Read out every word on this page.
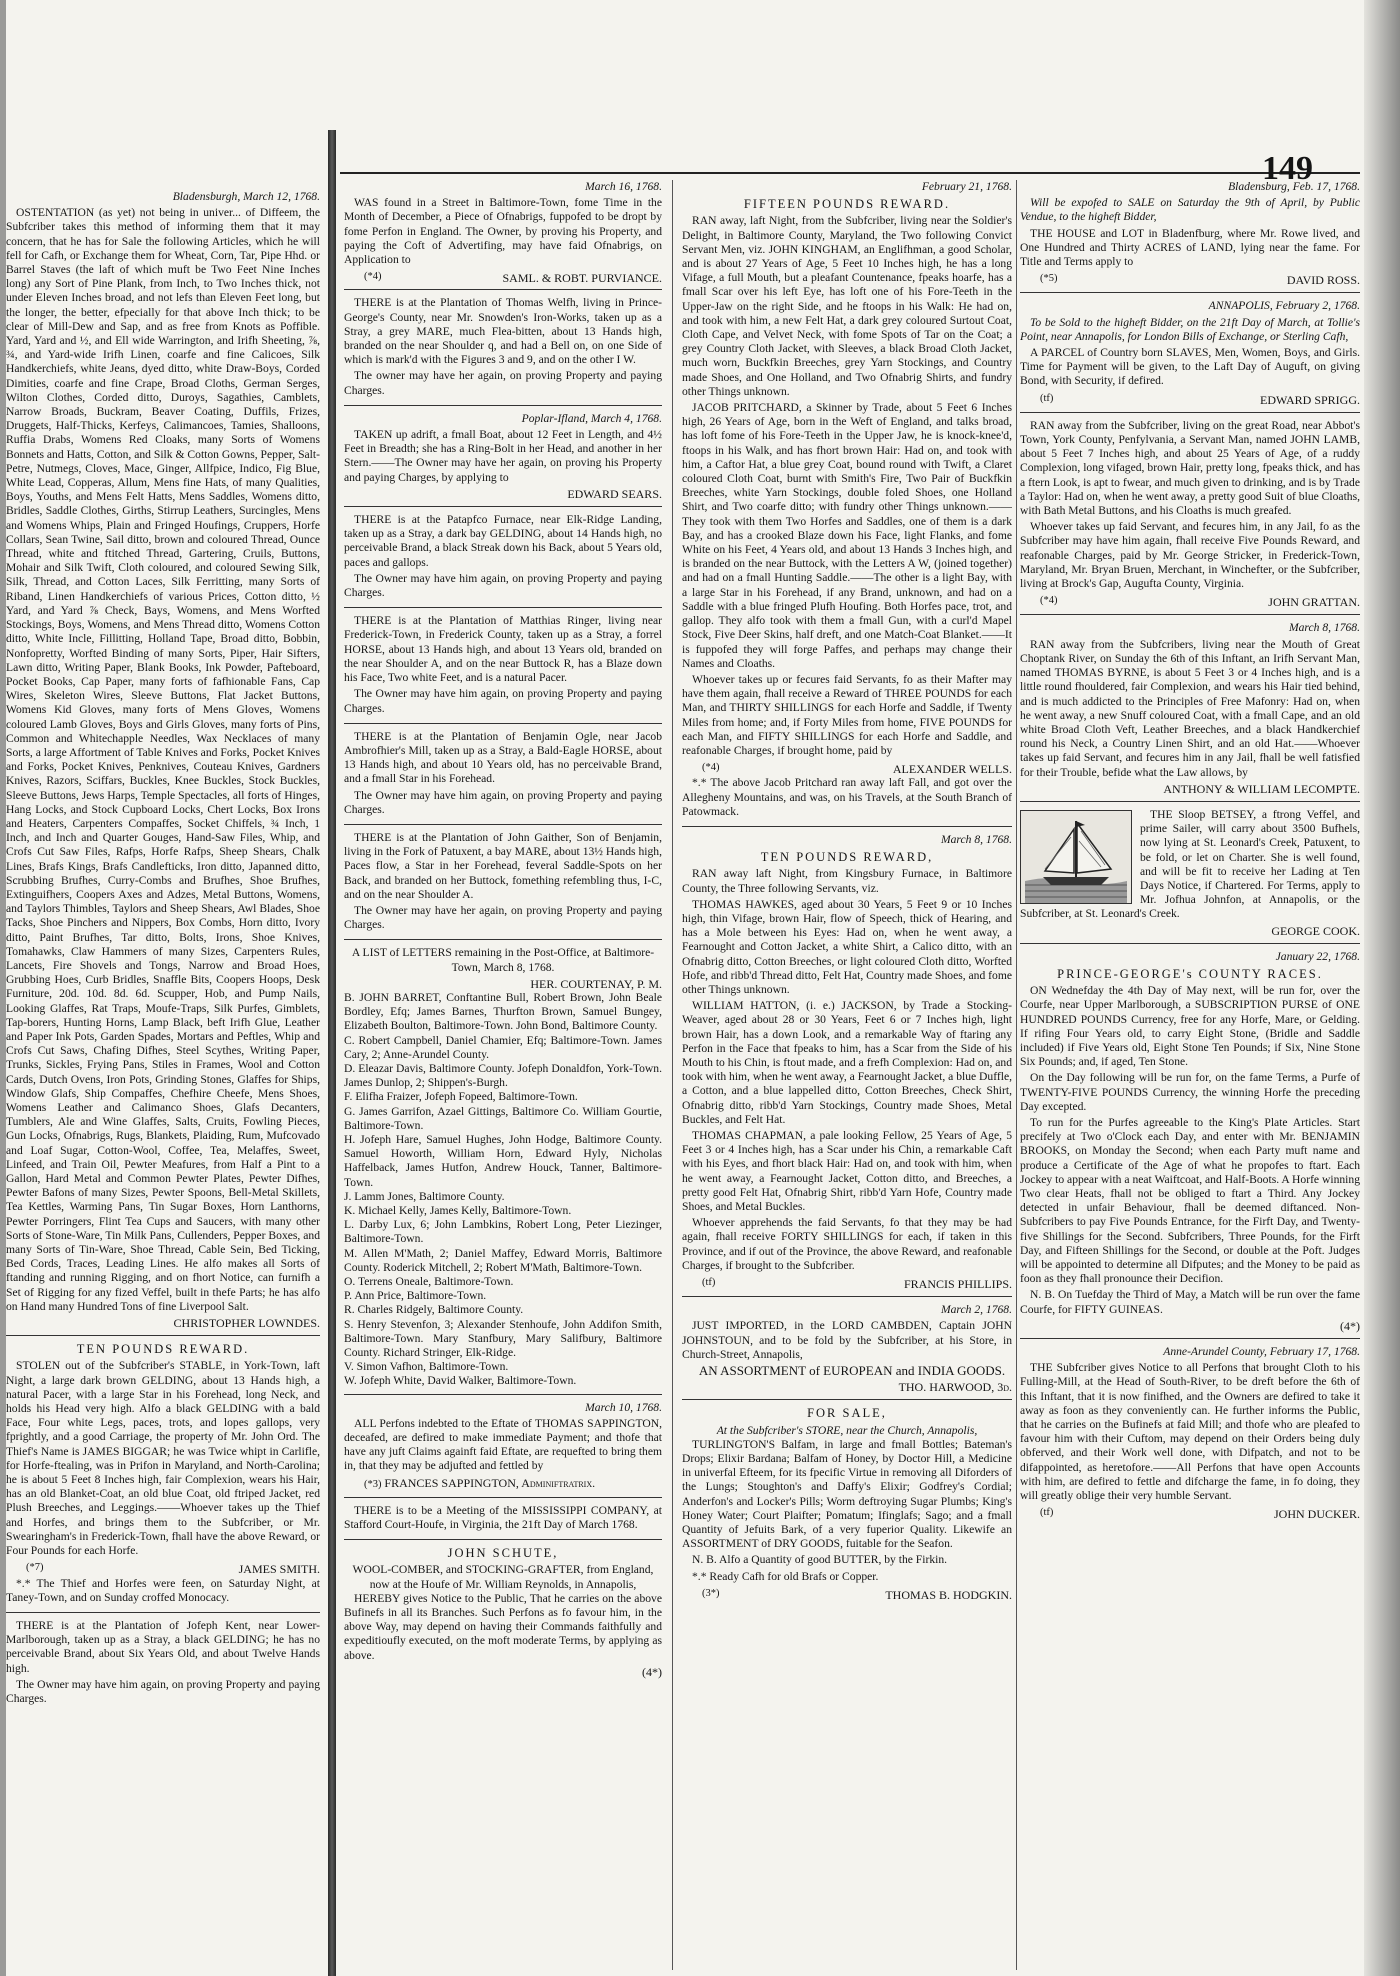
149
Bladensburgh, March 12, 1768.

OSTENTATION (as yet) not being in univer... of Diffeem, the Subfcriber takes this method of informing them that it may concern, that he has for Sale the following Articles, which he will fell for Cafh, or Exchange them for Wheat, Corn, Tar, Pipe Hhd. or Barrel Staves (the laft of which muft be Two Feet Nine Inches long) any Sort of Pine Plank, from Inch, to Two Inches thick, not under Eleven Inches broad, and not lefs than Eleven Feet long, but the longer, the better, efpecially for that above Inch thick; to be clear of Mill-Dew and Sap, and as free from Knots as Poffible. Yard, Yard and ½, and Ell wide Warrington, and Irifh Sheeting, ⅞, ¾, and Yard-wide Irifh Linen, coarfe and fine Calicoes, Silk Handkerchiefs, white Jeans, dyed ditto, white Draw-Boys, Corded Dimities, coarfe and fine Crape, Broad Cloths, German Serges, Wilton Clothes, Corded ditto, Duroys, Sagathies, Camblets, Narrow Broads, Buckram, Beaver Coating, Duffils, Frizes, Druggets, Half-Thicks, Kerfeys, Calimancoes, Tamies, Shalloons, Ruffia Drabs, Womens Red Cloaks, many Sorts of Womens Bonnets and Hatts, Cotton, and Silk & Cotton Gowns, Pepper, Salt-Petre, Nutmegs, Cloves, Mace, Ginger, Allfpice, Indico, Fig Blue, White Lead, Copperas, Allum, Mens fine Hats, of many Qualities, Boys, Youths, and Mens Felt Hatts, Mens Saddles, Womens ditto, Bridles, Saddle Clothes, Girths, Stirrup Leathers, Surcingles, Mens and Womens Whips, Plain and Fringed Houfings, Cruppers, Horfe Collars, Sean Twine, Sail ditto, brown and coloured Thread, Ounce Thread, white and ftitched Thread, Gartering, Cruils, Buttons, Mohair and Silk Twift, Cloth coloured, and coloured Sewing Silk, Silk, Thread, and Cotton Laces, Silk Ferritting, many Sorts of Riband, Linen Handkerchiefs of various Prices, Cotton ditto, ½ Yard, and Yard ⅞ Check, Bays, Womens, and Mens Worfted Stockings, Boys, Womens, and Mens Thread ditto, Womens Cotton ditto, White Incle, Fillitting, Holland Tape, Broad ditto, Bobbin, Nonfopretty, Worfted Binding of many Sorts, Piper, Hair Sifters, Lawn ditto, Writing Paper, Blank Books, Ink Powder, Pafteboard, Pocket Books, Cap Paper, many forts of fafhionable Fans, Cap Wires, Skeleton Wires, Sleeve Buttons, Flat Jacket Buttons, Womens Kid Gloves, many forts of Mens Gloves, Womens coloured Lamb Gloves, Boys and Girls Gloves, many forts of Pins, Common and Whitechapple Needles, Wax Necklaces of many Sorts, a large Affortment of Table Knives and Forks, Pocket Knives and Forks, Pocket Knives, Penknives, Couteau Knives, Gardners Knives, Razors, Sciffars, Buckles, Knee Buckles, Stock Buckles, Sleeve Buttons, Jews Harps, Temple Spectacles, all forts of Hinges, Hang Locks, and Stock Cupboard Locks, Chert Locks, Box Irons and Heaters, Carpenters Compaffes, Socket Chiffels, ¾ Inch, 1 Inch, and Inch and Quarter Gouges, Hand-Saw Files, Whip, and Crofs Cut Saw Files, Rafps, Horfe Rafps, Sheep Shears, Chalk Lines, Brafs Kings, Brafs Candlefticks, Iron ditto, Japanned ditto, Scrubbing Brufhes, Curry-Combs and Brufhes, Shoe Brufhes, Extinguifhers, Coopers Axes and Adzes, Metal Buttons, Womens, and Taylors Thimbles, Taylors and Sheep Shears, Awl Blades, Shoe Tacks, Shoe Pinchers and Nippers, Box Combs, Horn ditto, Ivory ditto, Paint Brufhes, Tar ditto, Bolts, Irons, Shoe Knives, Tomahawks, Claw Hammers of many Sizes, Carpenters Rules, Lancets, Fire Shovels and Tongs, Narrow and Broad Hoes, Grubbing Hoes, Curb Bridles, Snaffle Bits, Coopers Hoops, Desk Furniture, 20d. 10d. 8d. 6d. Scupper, Hob, and Pump Nails, Looking Glaffes, Rat Traps, Moufe-Traps, Silk Purfes, Gimblets, Tap-borers, Hunting Horns, Lamp Black, beft Irifh Glue, Leather and Paper Ink Pots, Garden Spades, Mortars and Peftles, Whip and Crofs Cut Saws, Chafing Difhes, Steel Scythes, Writing Paper, Trunks, Sickles, Frying Pans, Stiles in Frames, Wool and Cotton Cards, Dutch Ovens, Iron Pots, Grinding Stones, Glaffes for Ships, Window Glafs, Ship Compaffes, Chefhire Cheefe, Mens Shoes, Womens Leather and Calimanco Shoes, Glafs Decanters, Tumblers, Ale and Wine Glaffes, Salts, Cruits, Fowling Pieces, Gun Locks, Ofnabrigs, Rugs, Blankets, Plaiding, Rum, Mufcovado and Loaf Sugar, Cotton-Wool, Coffee, Tea, Melaffes, Sweet, Linfeed, and Train Oil, Pewter Meafures, from Half a Pint to a Gallon, Hard Metal and Common Pewter Plates, Pewter Difhes, Pewter Bafons of many Sizes, Pewter Spoons, Bell-Metal Skillets, Tea Kettles, Warming Pans, Tin Sugar Boxes, Horn Lanthorns, Pewter Porringers, Flint Tea Cups and Saucers, with many other Sorts of Stone-Ware, Tin Milk Pans, Cullenders, Pepper Boxes, and many Sorts of Tin-Ware, Shoe Thread, Cable Sein, Bed Ticking, Bed Cords, Traces, Leading Lines. He alfo makes all Sorts of ftanding and running Rigging, and on fhort Notice, can furnifh a Set of Rigging for any fized Veffel, built in thefe Parts; he has alfo on Hand many Hundred Tons of fine Liverpool Salt.

CHRISTOPHER LOWNDES.
TEN POUNDS REWARD.

STOLEN out of the Subfcriber's STABLE, in York-Town, laft Night, a large dark brown GELDING, about 13 Hands high, a natural Pacer, with a large Star in his Forehead, long Neck, and holds his Head very high. Alfo a black GELDING with a bald Face, Four white Legs, paces, trots, and lopes gallops, very fprightly, and a good Carriage, the property of Mr. John Ord. The Thief's Name is JAMES BIGGAR; he was Twice whipt in Carlifle, for Horfe-ftealing, was in Prifon in Maryland, and North-Carolina; he is about 5 Feet 8 Inches high, fair Complexion, wears his Hair, has an old Blanket-Coat, an old blue Coat, old ftriped Jacket, red Plush Breeches, and Leggings.——Whoever takes up the Thief and Horfes, and brings them to the Subfcriber, or Mr. Swearingham's in Frederick-Town, fhall have the above Reward, or Four Pounds for each Horfe.

(*7)	JAMES SMITH.

*.* The Thief and Horfes were feen, on Saturday Night, at Taney-Town, and on Sunday croffed Monocacy.

THERE is at the Plantation of Jofeph Kent, near Lower-Marlborough, taken up as a Stray, a black GELDING; he has no perceivable Brand, about Six Years Old, and about Twelve Hands high.

The Owner may have him again, on proving Property and paying Charges.

March 16, 1768.

WAS found in a Street in Baltimore-Town, fome Time in the Month of December, a Piece of Ofnabrigs, fuppofed to be dropt by fome Perfon in England. The Owner, by proving his Property, and paying the Coft of Advertifing, may have faid Ofnabrigs, on Application to

(*4)	SAML. & ROBT. PURVIANCE.

THERE is at the Plantation of Thomas Welfh, living in Prince-George's County, near Mr. Snowden's Iron-Works, taken up as a Stray, a grey MARE, much Flea-bitten, about 13 Hands high, branded on the near Shoulder q, and had a Bell on, on one Side of which is mark'd with the Figures 3 and 9, and on the other I W.

The owner may have her again, on proving Property and paying Charges.

Poplar-Ifland, March 4, 1768.

TAKEN up adrift, a fmall Boat, about 12 Feet in Length, and 4½ Feet in Breadth; she has a Ring-Bolt in her Head, and another in her Stern.——The Owner may have her again, on proving his Property and paying Charges, by applying to

EDWARD SEARS.

THERE is at the Patapfco Furnace, near Elk-Ridge Landing, taken up as a Stray, a dark bay GELDING, about 14 Hands high, no perceivable Brand, a black Streak down his Back, about 5 Years old, paces and gallops.

The Owner may have him again, on proving Property and paying Charges.

THERE is at the Plantation of Matthias Ringer, living near Frederick-Town, in Frederick County, taken up as a Stray, a forrel HORSE, about 13 Hands high, and about 13 Years old, branded on the near Shoulder A, and on the near Buttock R, has a Blaze down his Face, Two white Feet, and is a natural Pacer.

The Owner may have him again, on proving Property and paying Charges.

THERE is at the Plantation of Benjamin Ogle, near Jacob Ambrofhier's Mill, taken up as a Stray, a Bald-Eagle HORSE, about 13 Hands high, and about 10 Years old, has no perceivable Brand, and a fmall Star in his Forehead.

The Owner may have him again, on proving Property and paying Charges.

THERE is at the Plantation of John Gaither, Son of Benjamin, living in the Fork of Patuxent, a bay MARE, about 13½ Hands high, Paces flow, a Star in her Forehead, feveral Saddle-Spots on her Back, and branded on her Buttock, fomething refembling thus, I-C, and on the near Shoulder A.

The Owner may have her again, on proving Property and paying Charges.

A LIST of LETTERS remaining in the Post-Office, at Baltimore-Town, March 8, 1768.
HER. COURTENAY, P. M.

B. JOHN BARRET, Conftantine Bull, Robert Brown, John Beale Bordley, Efq; James Barnes, Thurfton Brown, Samuel Bungey, Elizabeth Boulton, Baltimore-Town. John Bond, Baltimore County.

C. Robert Campbell, Daniel Chamier, Efq; Baltimore-Town. James Cary, 2; Anne-Arundel County.

D. Eleazar Davis, Baltimore County. Jofeph Donaldfon, York-Town. James Dunlop, 2; Shippen's-Burgh.

F. Elifha Fraizer, Jofeph Fopeed, Baltimore-Town.

G. James Garrifon, Azael Gittings, Baltimore Co. William Gourtie, Baltimore-Town.

H. Jofeph Hare, Samuel Hughes, John Hodge, Baltimore County. Samuel Howorth, William Horn, Edward Hyly, Nicholas Haffelback, James Hutfon, Andrew Houck, Tanner, Baltimore-Town.

J. Lamm Jones, Baltimore County.

K. Michael Kelly, James Kelly, Baltimore-Town.

L. Darby Lux, 6; John Lambkins, Robert Long, Peter Liezinger, Baltimore-Town.

M. Allen M'Math, 2; Daniel Maffey, Edward Morris, Baltimore County. Roderick Mitchell, 2; Robert M'Math, Baltimore-Town.

O. Terrens Oneale, Baltimore-Town.

P. Ann Price, Baltimore-Town.

R. Charles Ridgely, Baltimore County.

S. Henry Stevenfon, 3; Alexander Stenhoufe, John Addifon Smith, Baltimore-Town. Mary Stanfbury, Mary Salifbury, Baltimore County. Richard Stringer, Elk-Ridge.

V. Simon Vafhon, Baltimore-Town.

W. Jofeph White, David Walker, Baltimore-Town.

March 10, 1768.

ALL Perfons indebted to the Eftate of THOMAS SAPPINGTON, deceafed, are defired to make immediate Payment; and thofe that have any juft Claims againft faid Eftate, are requefted to bring them in, that they may be adjufted and fettled by

(*3) FRANCES SAPPINGTON, Adminiftratrix.

THERE is to be a Meeting of the MISSISSIPPI COMPANY, at Stafford Court-Houfe, in Virginia, the 21ft Day of March 1768.

JOHN SCHUTE,
WOOL-COMBER, and STOCKING-GRAFTER, from England, now at the Houfe of Mr. William Reynolds, in Annapolis,

HEREBY gives Notice to the Public, That he carries on the above Bufinefs in all its Branches. Such Perfons as fo favour him, in the above Way, may depend on having their Commands faithfully and expeditioufly executed, on the moft moderate Terms, by applying as above.

(4*)
February 21, 1768.
FIFTEEN POUNDS REWARD.

RAN away, laft Night, from the Subfcriber, living near the Soldier's Delight, in Baltimore County, Maryland, the Two following Convict Servant Men, viz. JOHN KINGHAM, an Englifhman, a good Scholar, and is about 27 Years of Age, 5 Feet 10 Inches high, he has a long Vifage, a full Mouth, but a pleafant Countenance, fpeaks hoarfe, has a fmall Scar over his left Eye, has loft one of his Fore-Teeth in the Upper-Jaw on the right Side, and he ftoops in his Walk: He had on, and took with him, a new Felt Hat, a dark grey coloured Surtout Coat, Cloth Cape, and Velvet Neck, with fome Spots of Tar on the Coat; a grey Country Cloth Jacket, with Sleeves, a black Broad Cloth Jacket, much worn, Buckfkin Breeches, grey Yarn Stockings, and Country made Shoes, and One Holland, and Two Ofnabrig Shirts, and fundry other Things unknown.

JACOB PRITCHARD, a Skinner by Trade, about 5 Feet 6 Inches high, 26 Years of Age, born in the Weft of England, and talks broad, has loft fome of his Fore-Teeth in the Upper Jaw, he is knock-knee'd, ftoops in his Walk, and has fhort brown Hair: Had on, and took with him, a Caftor Hat, a blue grey Coat, bound round with Twift, a Claret coloured Cloth Coat, burnt with Smith's Fire, Two Pair of Buckfkin Breeches, white Yarn Stockings, double foled Shoes, one Holland Shirt, and Two coarfe ditto; with fundry other Things unknown.——They took with them Two Horfes and Saddles, one of them is a dark Bay, and has a crooked Blaze down his Face, light Flanks, and fome White on his Feet, 4 Years old, and about 13 Hands 3 Inches high, and is branded on the near Buttock, with the Letters A W, (joined together) and had on a fmall Hunting Saddle.——The other is a light Bay, with a large Star in his Forehead, if any Brand, unknown, and had on a Saddle with a blue fringed Plufh Houfing. Both Horfes pace, trot, and gallop. They alfo took with them a fmall Gun, with a curl'd Mapel Stock, Five Deer Skins, half dreft, and one Match-Coat Blanket.——It is fuppofed they will forge Paffes, and perhaps may change their Names and Cloaths.

Whoever takes up or fecures faid Servants, fo as their Mafter may have them again, fhall receive a Reward of THREE POUNDS for each Man, and THIRTY SHILLINGS for each Horfe and Saddle, if Twenty Miles from home; and, if Forty Miles from home, FIVE POUNDS for each Man, and FIFTY SHILLINGS for each Horfe and Saddle, and reafonable Charges, if brought home, paid by

(*4)	ALEXANDER WELLS.

*.* The above Jacob Pritchard ran away laft Fall, and got over the Allegheny Mountains, and was, on his Travels, at the South Branch of Patowmack.

March 8, 1768.
TEN POUNDS REWARD,

RAN away laft Night, from Kingsbury Furnace, in Baltimore County, the Three following Servants, viz.

THOMAS HAWKES, aged about 30 Years, 5 Feet 9 or 10 Inches high, thin Vifage, brown Hair, flow of Speech, thick of Hearing, and has a Mole between his Eyes: Had on, when he went away, a Fearnought and Cotton Jacket, a white Shirt, a Calico ditto, with an Ofnabrig ditto, Cotton Breeches, or light coloured Cloth ditto, Worfted Hofe, and ribb'd Thread ditto, Felt Hat, Country made Shoes, and fome other Things unknown.

WILLIAM HATTON, (i. e.) JACKSON, by Trade a Stocking-Weaver, aged about 28 or 30 Years, Feet 6 or 7 Inches high, light brown Hair, has a down Look, and a remarkable Way of ftaring any Perfon in the Face that fpeaks to him, has a Scar from the Side of his Mouth to his Chin, is ftout made, and a frefh Complexion: Had on, and took with him, when he went away, a Fearnought Jacket, a blue Duffle, a Cotton, and a blue lappelled ditto, Cotton Breeches, Check Shirt, Ofnabrig ditto, ribb'd Yarn Stockings, Country made Shoes, Metal Buckles, and Felt Hat.

THOMAS CHAPMAN, a pale looking Fellow, 25 Years of Age, 5 Feet 3 or 4 Inches high, has a Scar under his Chin, a remarkable Caft with his Eyes, and fhort black Hair: Had on, and took with him, when he went away, a Fearnought Jacket, Cotton ditto, and Breeches, a pretty good Felt Hat, Ofnabrig Shirt, ribb'd Yarn Hofe, Country made Shoes, and Metal Buckles.

Whoever apprehends the faid Servants, fo that they may be had again, fhall receive FORTY SHILLINGS for each, if taken in this Province, and if out of the Province, the above Reward, and reafonable Charges, if brought to the Subfcriber.

(tf)	FRANCIS PHILLIPS.
March 2, 1768.

JUST IMPORTED, in the LORD CAMBDEN, Captain JOHN JOHNSTOUN, and to be fold by the Subfcriber, at his Store, in Church-Street, Annapolis,

AN ASSORTMENT of EUROPEAN and INDIA GOODS.

THO. HARWOOD, 3d.
FOR SALE,
At the Subfcriber's STORE, near the Church, Annapolis,

TURLINGTON'S Balfam, in large and fmall Bottles; Bateman's Drops; Elixir Bardana; Balfam of Honey, by Doctor Hill, a Medicine in univerfal Efteem, for its fpecific Virtue in removing all Diforders of the Lungs; Stoughton's and Daffy's Elixir; Godfrey's Cordial; Anderfon's and Locker's Pills; Worm deftroying Sugar Plumbs; King's Honey Water; Court Plaifter; Pomatum; Ifinglafs; Sago; and a fmall Quantity of Jefuits Bark, of a very fuperior Quality. Likewife an ASSORTMENT of DRY GOODS, fuitable for the Seafon.

N. B. Alfo a Quantity of good BUTTER, by the Firkin.

*.* Ready Cafh for old Brafs or Copper.

(3*)	THOMAS B. HODGKIN.
Bladensburg, Feb. 17, 1768.

Will be expofed to SALE on Saturday the 9th of April, by Public Vendue, to the higheft Bidder,

THE HOUSE and LOT in Bladenfburg, where Mr. Rowe lived, and One Hundred and Thirty ACRES of LAND, lying near the fame. For Title and Terms apply to

(*5)	DAVID ROSS.
ANNAPOLIS, February 2, 1768.

To be Sold to the higheft Bidder, on the 21ft Day of March, at Tollie's Point, near Annapolis, for London Bills of Exchange, or Sterling Cafh,

A PARCEL of Country born SLAVES, Men, Women, Boys, and Girls. Time for Payment will be given, to the Laft Day of Auguft, on giving Bond, with Security, if defired.

(tf)	EDWARD SPRIGG.

RAN away from the Subfcriber, living on the great Road, near Abbot's Town, York County, Penfylvania, a Servant Man, named JOHN LAMB, about 5 Feet 7 Inches high, and about 25 Years of Age, of a ruddy Complexion, long vifaged, brown Hair, pretty long, fpeaks thick, and has a ftern Look, is apt to fwear, and much given to drinking, and is by Trade a Taylor: Had on, when he went away, a pretty good Suit of blue Cloaths, with Bath Metal Buttons, and his Cloaths is much greafed.

Whoever takes up faid Servant, and fecures him, in any Jail, fo as the Subfcriber may have him again, fhall receive Five Pounds Reward, and reafonable Charges, paid by Mr. George Stricker, in Frederick-Town, Maryland, Mr. Bryan Bruen, Merchant, in Winchefter, or the Subfcriber, living at Brock's Gap, Augufta County, Virginia.

(*4)	JOHN GRATTAN.
March 8, 1768.

RAN away from the Subfcribers, living near the Mouth of Great Choptank River, on Sunday the 6th of this Inftant, an Irifh Servant Man, named THOMAS BYRNE, is about 5 Feet 3 or 4 Inches high, and is a little round fhouldered, fair Complexion, and wears his Hair tied behind, and is much addicted to the Principles of Free Mafonry: Had on, when he went away, a new Snuff coloured Coat, with a fmall Cape, and an old white Broad Cloth Veft, Leather Breeches, and a black Handkerchief round his Neck, a Country Linen Shirt, and an old Hat.——Whoever takes up faid Servant, and fecures him in any Jail, fhall be well fatisfied for their Trouble, befide what the Law allows, by

ANTHONY & WILLIAM LECOMPTE.

THE Sloop BETSEY, a ftrong Veffel, and prime Sailer, will carry about 3500 Bufhels, now lying at St. Leonard's Creek, Patuxent, to be fold, or let on Charter. She is well found, and will be fit to receive her Lading at Ten Days Notice, if Chartered. For Terms, apply to Mr. Jofhua Johnfon, at Annapolis, or the Subfcriber, at St. Leonard's Creek.

GEORGE COOK.
January 22, 1768.
PRINCE-GEORGE's COUNTY RACES.

ON Wednefday the 4th Day of May next, will be run for, over the Courfe, near Upper Marlborough, a SUBSCRIPTION PURSE of ONE HUNDRED POUNDS Currency, free for any Horfe, Mare, or Gelding. If rifing Four Years old, to carry Eight Stone, (Bridle and Saddle included) if Five Years old, Eight Stone Ten Pounds; if Six, Nine Stone Six Pounds; and, if aged, Ten Stone.

On the Day following will be run for, on the fame Terms, a Purfe of TWENTY-FIVE POUNDS Currency, the winning Horfe the preceding Day excepted.

To run for the Purfes agreeable to the King's Plate Articles. Start precifely at Two o'Clock each Day, and enter with Mr. BENJAMIN BROOKS, on Monday the Second; when each Party muft name and produce a Certificate of the Age of what he propofes to ftart. Each Jockey to appear with a neat Waiftcoat, and Half-Boots. A Horfe winning Two clear Heats, fhall not be obliged to ftart a Third. Any Jockey detected in unfair Behaviour, fhall be deemed diftanced. Non-Subfcribers to pay Five Pounds Entrance, for the Firft Day, and Twenty-five Shillings for the Second. Subfcribers, Three Pounds, for the Firft Day, and Fifteen Shillings for the Second, or double at the Poft. Judges will be appointed to determine all Difputes; and the Money to be paid as foon as they fhall pronounce their Decifion.

N. B. On Tuefday the Third of May, a Match will be run over the fame Courfe, for FIFTY GUINEAS.

(4*)
Anne-Arundel County, February 17, 1768.

THE Subfcriber gives Notice to all Perfons that brought Cloth to his Fulling-Mill, at the Head of South-River, to be dreft before the 6th of this Inftant, that it is now finifhed, and the Owners are defired to take it away as foon as they conveniently can. He further informs the Public, that he carries on the Bufinefs at faid Mill; and thofe who are pleafed to favour him with their Cuftom, may depend on their Orders being duly obferved, and their Work well done, with Difpatch, and not to be difappointed, as heretofore.——All Perfons that have open Accounts with him, are defired to fettle and difcharge the fame, in fo doing, they will greatly oblige their very humble Servant.

(tf)	JOHN DUCKER.
